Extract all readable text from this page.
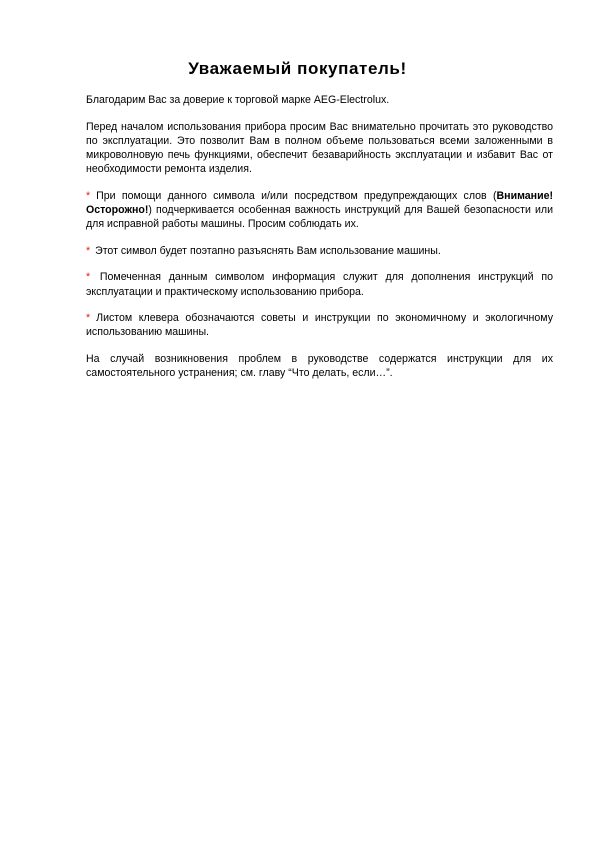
Уважаемый покупатель!

Благодарим Вас за доверие к торговой марке AEG-Electrolux.

Перед началом использования прибора просим Вас внимательно прочитать это руководство по эксплуатации. Это позволит Вам в полном объеме пользоваться всеми заложенными в микроволновую печь функциями, обеспечит безаварийность эксплуатации и избавит Вас от необходимости ремонта изделия.

* При помощи данного символа и/или посредством предупреждающих слов (Внимание! Осторожно!) подчеркивается особенная важность инструкций для Вашей безопасности или для исправной работы машины. Просим соблюдать их.

* Этот символ будет поэтапно разъяснять Вам использование машины.

* Помеченная данным символом информация служит для дополнения инструкций по эксплуатации и практическому использованию прибора.

* Листом клевера обозначаются советы и инструкции по экономичному и экологичному использованию машины.

На случай возникновения проблем в руководстве содержатся инструкции для их самостоятельного устранения; см. главу “Что делать, если…”.
